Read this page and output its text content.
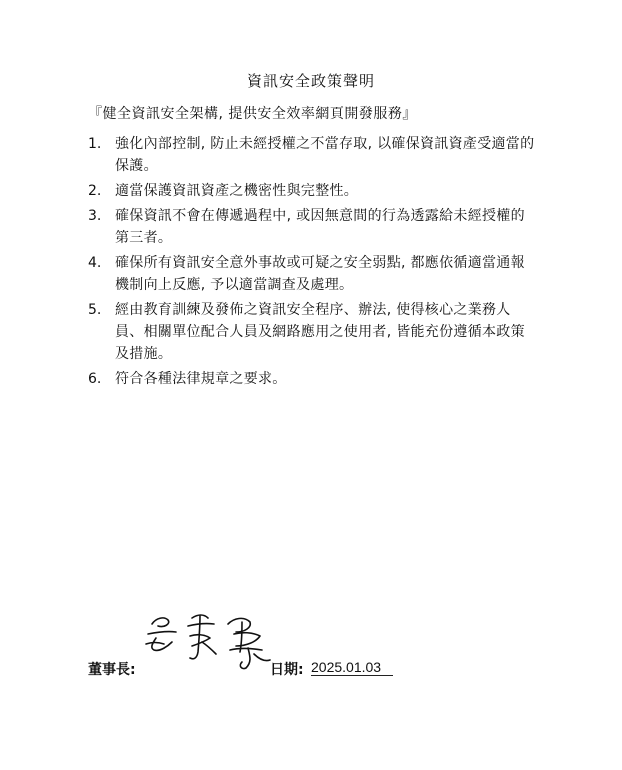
資訊安全政策聲明
『健全資訊安全架構, 提供安全效率網頁開發服務』
1. 強化內部控制, 防止未經授權之不當存取, 以確保資訊資產受適當的保護。
2. 適當保護資訊資產之機密性與完整性。
3. 確保資訊不會在傳遞過程中, 或因無意間的行為透露給未經授權的第三者。
4. 確保所有資訊安全意外事故或可疑之安全弱點, 都應依循適當通報機制向上反應, 予以適當調查及處理。
5. 經由教育訓練及發佈之資訊安全程序、辦法, 使得核心之業務人員、相關單位配合人員及網路應用之使用者, 皆能充份遵循本政策及措施。
6. 符合各種法律規章之要求。
董事長:	日期: 2025.01.03
